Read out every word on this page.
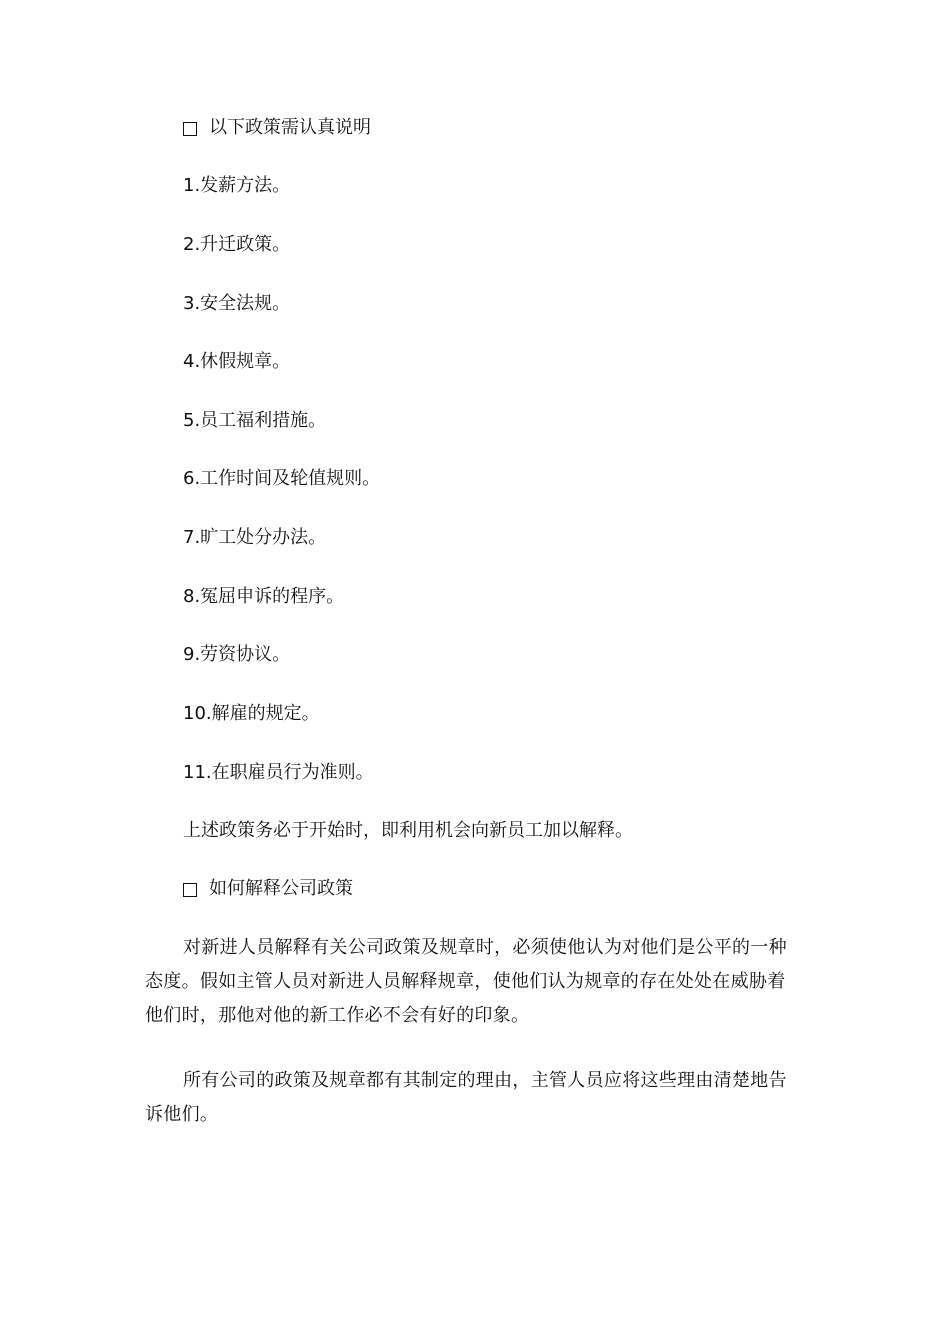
以下政策需认真说明
1.发薪方法。
2.升迁政策。
3.安全法规。
4.休假规章。
5.员工福利措施。
6.工作时间及轮值规则。
7.旷工处分办法。
8.冤屈申诉的程序。
9.劳资协议。
10.解雇的规定。
11.在职雇员行为准则。
上述政策务必于开始时，即利用机会向新员工加以解释。
如何解释公司政策
对新进人员解释有关公司政策及规章时，必须使他认为对他们是公平的一种态度。假如主管人员对新进人员解释规章，使他们认为规章的存在处处在威胁着他们时，那他对他的新工作必不会有好的印象。
所有公司的政策及规章都有其制定的理由，主管人员应将这些理由清楚地告诉他们。
